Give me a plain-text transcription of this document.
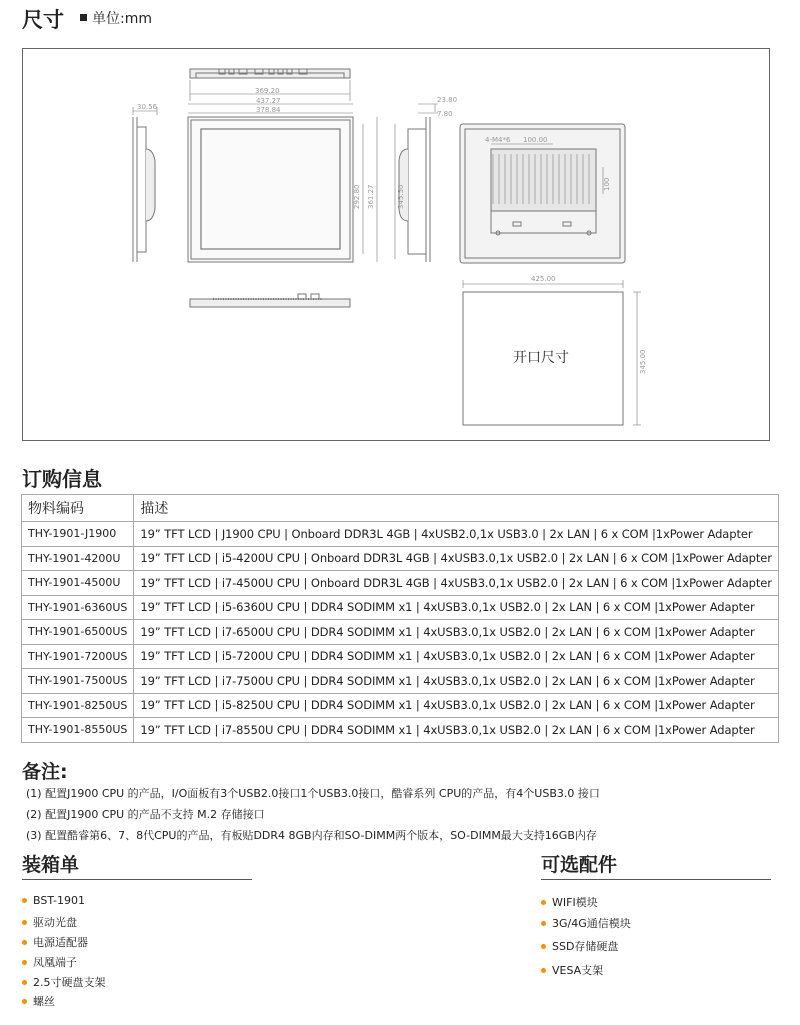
尺寸	单位:mm
369.20
437.27
378.84
30.56
292.80 361.27	345.50
23.80
7.80
4-M4*6 100.00
100
425.00
345.00
开口尺寸
订购信息
物料编码	描述
THY-1901-J1900	19” TFT LCD | J1900 CPU | Onboard DDR3L 4GB | 4xUSB2.0,1x USB3.0 | 2x LAN | 6 x COM |1xPower Adapter
THY-1901-4200U	19” TFT LCD | i5-4200U CPU | Onboard DDR3L 4GB | 4xUSB3.0,1x USB2.0 | 2x LAN | 6 x COM |1xPower Adapter
THY-1901-4500U	19” TFT LCD | i7-4500U CPU | Onboard DDR3L 4GB | 4xUSB3.0,1x USB2.0 | 2x LAN | 6 x COM |1xPower Adapter
THY-1901-6360US	19” TFT LCD | i5-6360U CPU | DDR4 SODIMM x1 | 4xUSB3.0,1x USB2.0 | 2x LAN | 6 x COM |1xPower Adapter
THY-1901-6500US	19” TFT LCD | i7-6500U CPU | DDR4 SODIMM x1 | 4xUSB3.0,1x USB2.0 | 2x LAN | 6 x COM |1xPower Adapter
THY-1901-7200US	19” TFT LCD | i5-7200U CPU | DDR4 SODIMM x1 | 4xUSB3.0,1x USB2.0 | 2x LAN | 6 x COM |1xPower Adapter
THY-1901-7500US	19” TFT LCD | i7-7500U CPU | DDR4 SODIMM x1 | 4xUSB3.0,1x USB2.0 | 2x LAN | 6 x COM |1xPower Adapter
THY-1901-8250US	19” TFT LCD | i5-8250U CPU | DDR4 SODIMM x1 | 4xUSB3.0,1x USB2.0 | 2x LAN | 6 x COM |1xPower Adapter
THY-1901-8550US	19” TFT LCD | i7-8550U CPU | DDR4 SODIMM x1 | 4xUSB3.0,1x USB2.0 | 2x LAN | 6 x COM |1xPower Adapter
备注:
(1) 配置J1900 CPU 的产品，I/O面板有3个USB2.0接口1个USB3.0接口，酷睿系列 CPU的产品，有4个USB3.0 接口
(2) 配置J1900 CPU 的产品不支持 M.2 存储接口
(3) 配置酷睿第6、7、8代CPU的产品，有板贴DDR4 8GB内存和SO-DIMM两个版本，SO-DIMM最大支持16GB内存
装箱单
BST-1901
驱动光盘
电源适配器
凤凰端子
2.5寸硬盘支架
螺丝
可选配件
WIFI模块
3G/4G通信模块
SSD存储硬盘
VESA支架
